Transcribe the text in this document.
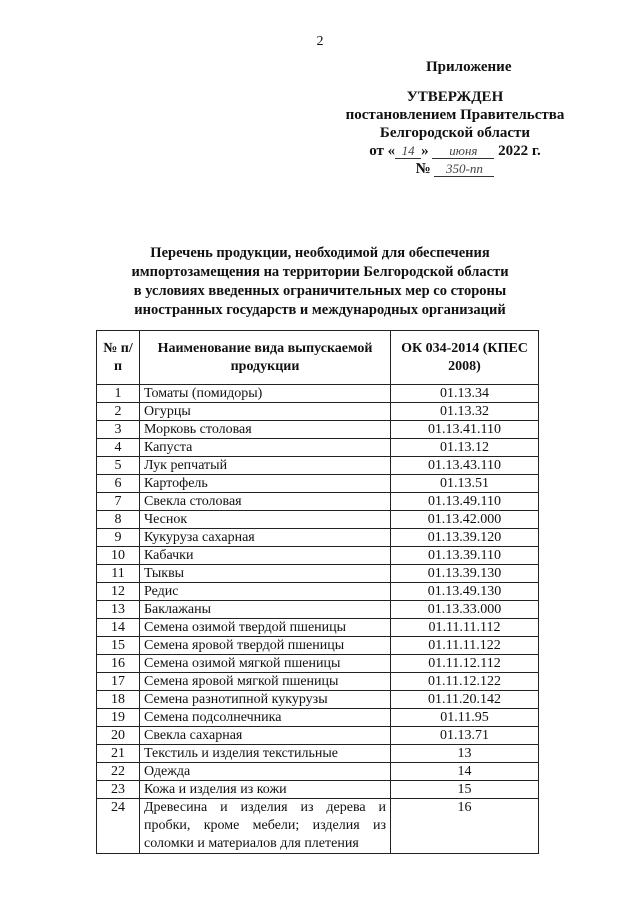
2
Приложение
УТВЕРЖДЕН
постановлением Правительства
Белгородской области
от « 14 » июня 2022 г.
№ 350-пп
Перечень продукции, необходимой для обеспечения
импортозамещения на территории Белгородской области
в условиях введенных ограничительных мер со стороны
иностранных государств и международных организаций
№ п/п	Наименование вида выпускаемой продукции	ОК 034-2014 (КПЕС 2008)
1	Томаты (помидоры)	01.13.34
2	Огурцы	01.13.32
3	Морковь столовая	01.13.41.110
4	Капуста	01.13.12
5	Лук репчатый	01.13.43.110
6	Картофель	01.13.51
7	Свекла столовая	01.13.49.110
8	Чеснок	01.13.42.000
9	Кукуруза сахарная	01.13.39.120
10	Кабачки	01.13.39.110
11	Тыквы	01.13.39.130
12	Редис	01.13.49.130
13	Баклажаны	01.13.33.000
14	Семена озимой твердой пшеницы	01.11.11.112
15	Семена яровой твердой пшеницы	01.11.11.122
16	Семена озимой мягкой пшеницы	01.11.12.112
17	Семена яровой мягкой пшеницы	01.11.12.122
18	Семена разнотипной кукурузы	01.11.20.142
19	Семена подсолнечника	01.11.95
20	Свекла сахарная	01.13.71
21	Текстиль и изделия текстильные	13
22	Одежда	14
23	Кожа и изделия из кожи	15
24	Древесина и изделия из дерева и пробки, кроме мебели; изделия из соломки и материалов для плетения	16
